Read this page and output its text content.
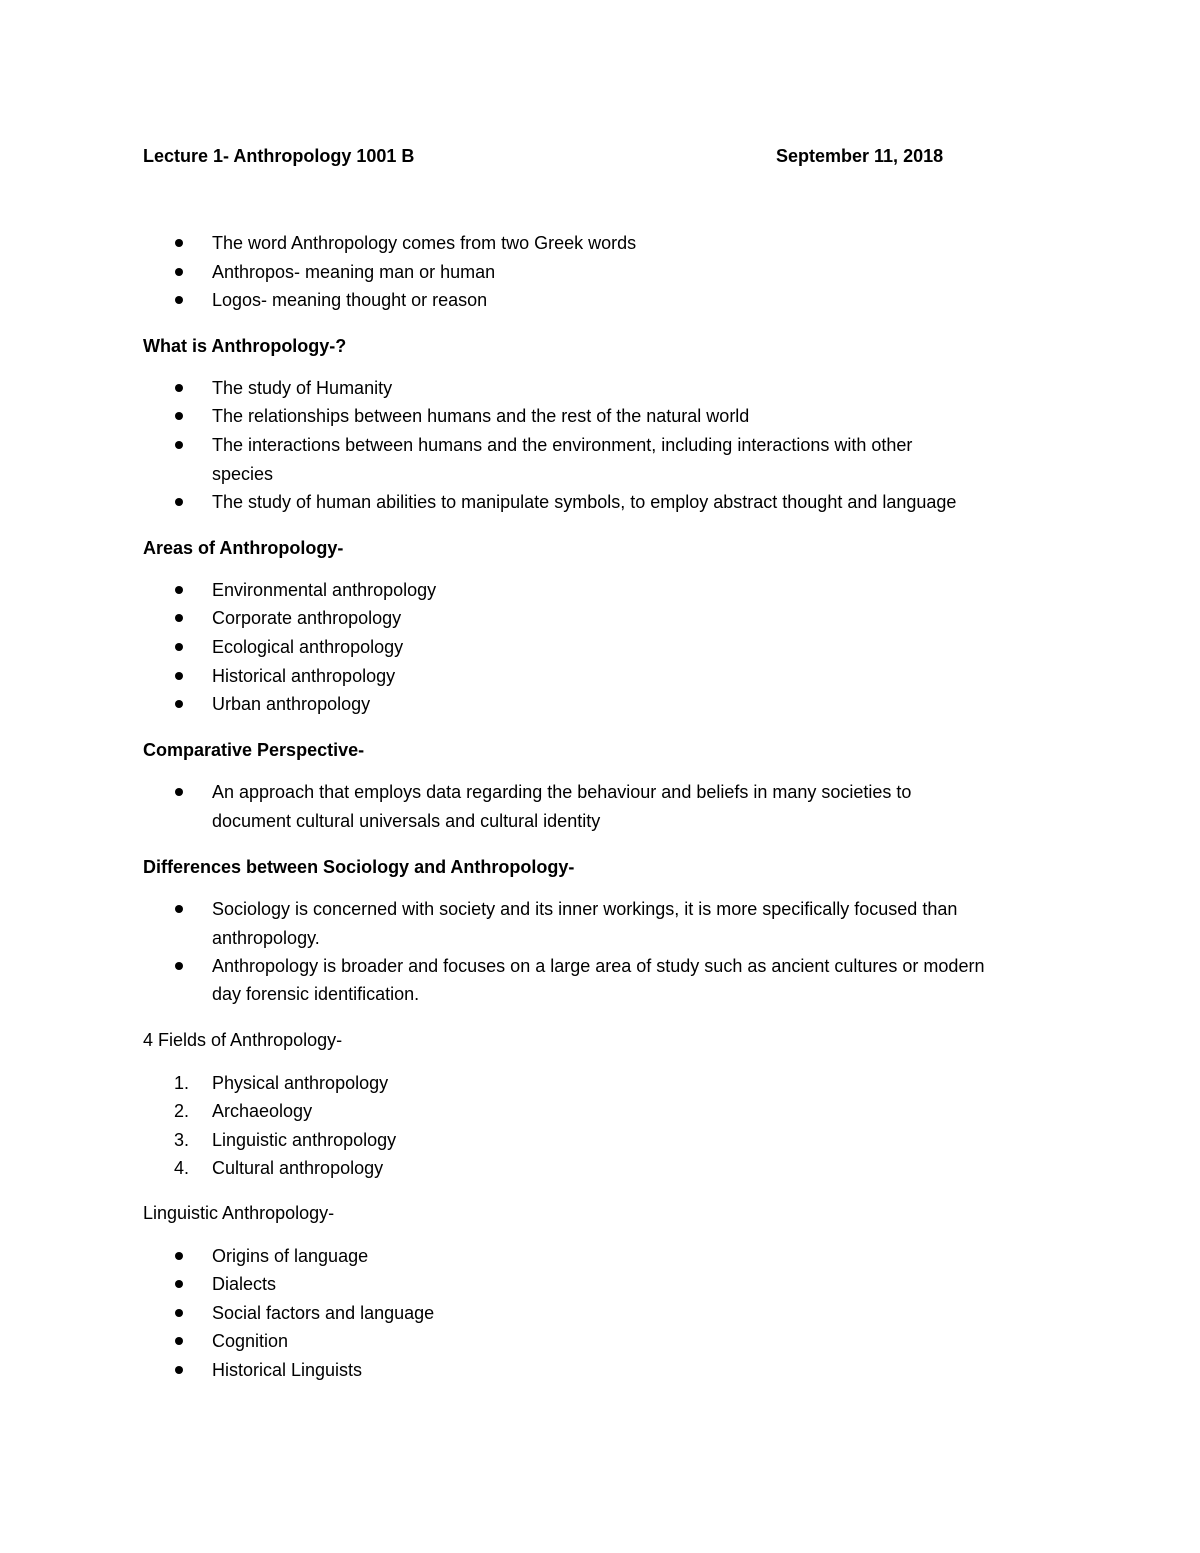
Lecture 1- Anthropology 1001 B	September 11, 2018
The word Anthropology comes from two Greek words
Anthropos- meaning man or human
Logos- meaning thought or reason
What is Anthropology-?
The study of Humanity
The relationships between humans and the rest of the natural world
The interactions between humans and the environment, including interactions with other
species
The study of human abilities to manipulate symbols, to employ abstract thought and language
Areas of Anthropology-
Environmental anthropology
Corporate anthropology
Ecological anthropology
Historical anthropology
Urban anthropology
Comparative Perspective-
An approach that employs data regarding the behaviour and beliefs in many societies to
document cultural universals and cultural identity
Differences between Sociology and Anthropology-
Sociology is concerned with society and its inner workings, it is more specifically focused than
anthropology.
Anthropology is broader and focuses on a large area of study such as ancient cultures or modern
day forensic identification.
4 Fields of Anthropology-
1. Physical anthropology
2. Archaeology
3. Linguistic anthropology
4. Cultural anthropology
Linguistic Anthropology-
Origins of language
Dialects
Social factors and language
Cognition
Historical Linguists
